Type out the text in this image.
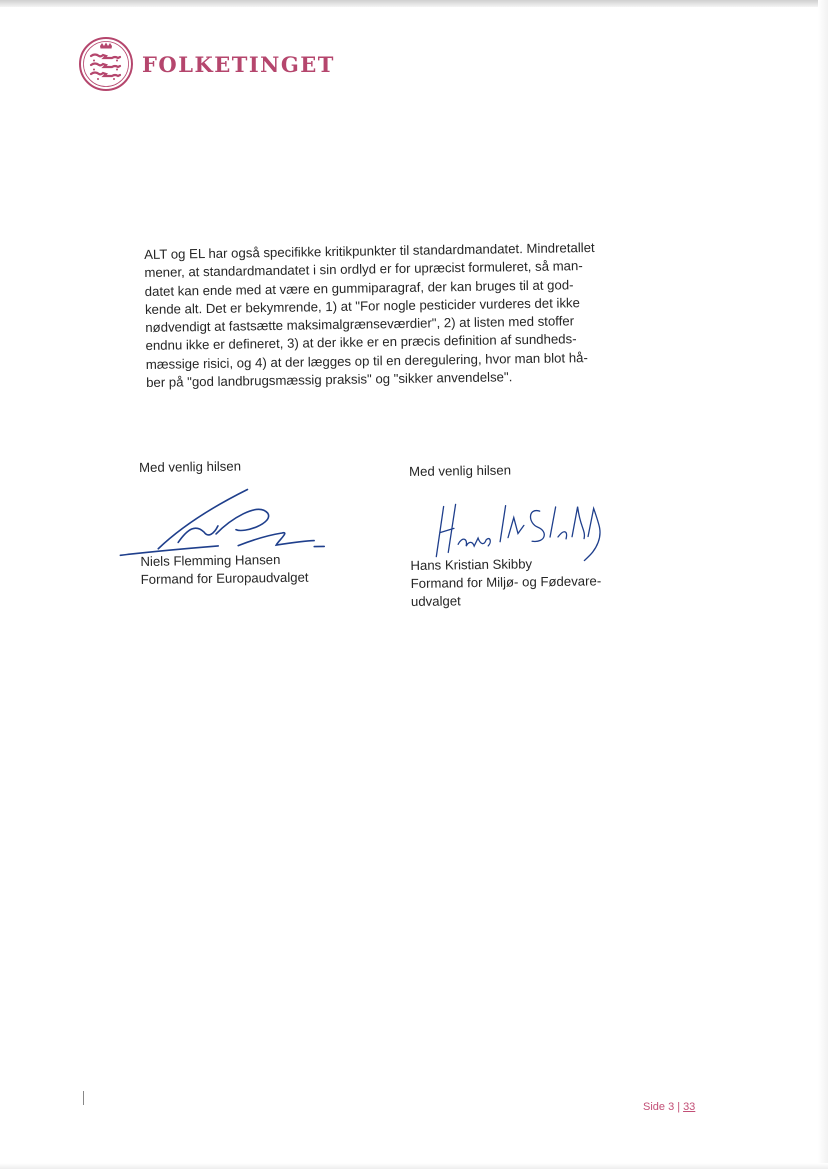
FOLKETINGET
ALT og EL har også specifikke kritikpunkter til standardmandatet. Mindretallet
mener, at standardmandatet i sin ordlyd er for upræcist formuleret, så man-
datet kan ende med at være en gummiparagraf, der kan bruges til at god-
kende alt. Det er bekymrende, 1) at "For nogle pesticider vurderes det ikke
nødvendigt at fastsætte maksimalgrænseværdier", 2) at listen med stoffer
endnu ikke er defineret, 3) at der ikke er en præcis definition af sundheds-
mæssige risici, og 4) at der lægges op til en deregulering, hvor man blot hå-
ber på "god landbrugsmæssig praksis" og "sikker anvendelse".
Med venlig hilsen
Niels Flemming Hansen
Formand for Europaudvalget
Med venlig hilsen
Hans Kristian Skibby
Formand for Miljø- og Fødevare-
udvalget
Side 3 | 33
